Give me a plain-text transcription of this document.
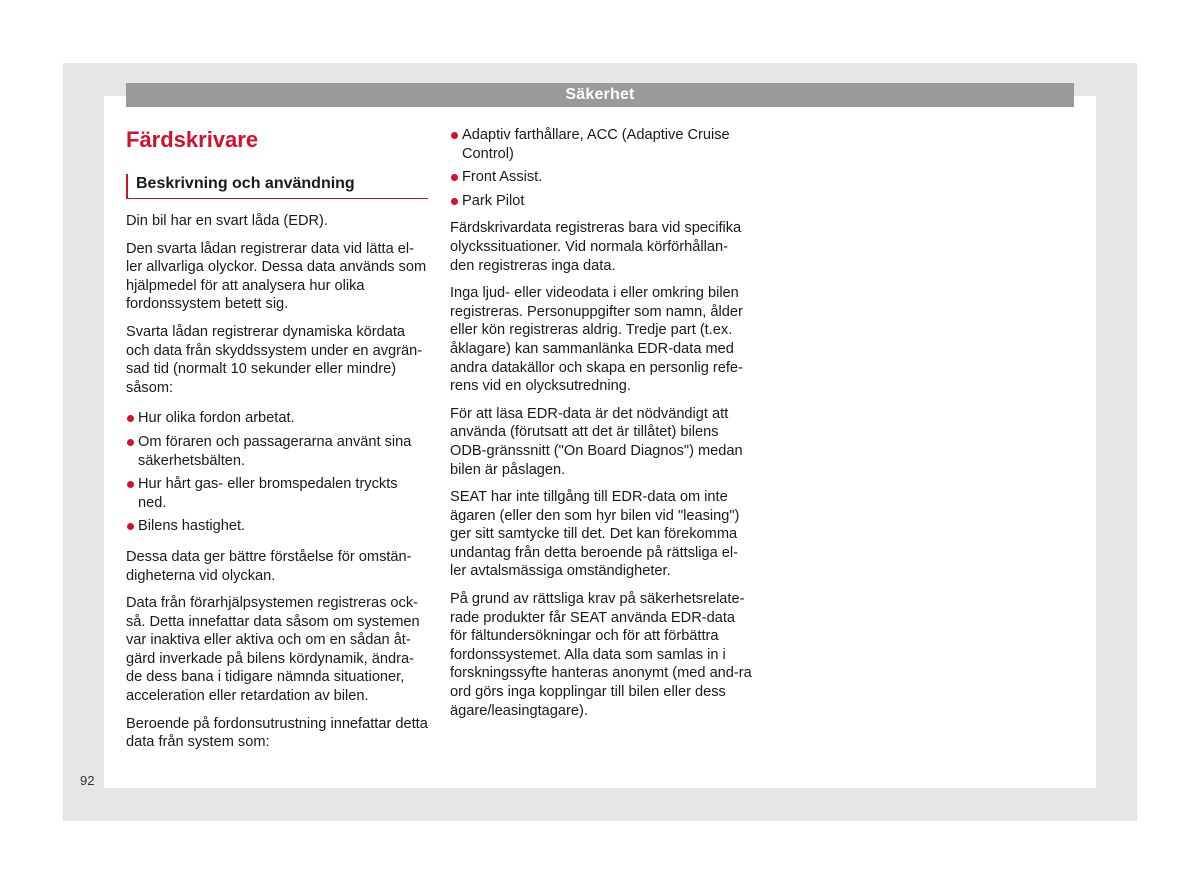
Säkerhet
Färdskrivare
Beskrivning och användning

Din bil har en svart låda (EDR).

Den svarta lådan registrerar data vid lätta el-ler allvarliga olyckor. Dessa data används som hjälpmedel för att analysera hur olika fordonssystem betett sig.

Svarta lådan registrerar dynamiska kördata och data från skyddssystem under en avgrän-sad tid (normalt 10 sekunder eller mindre) såsom:

Hur olika fordon arbetat.
Om föraren och passagerarna använt sina säkerhetsbälten.
Hur hårt gas- eller bromspedalen tryckts ned.
Bilens hastighet.

Dessa data ger bättre förståelse för omstän-digheterna vid olyckan.

Data från förarhjälpsystemen registreras ock-så. Detta innefattar data såsom om systemen var inaktiva eller aktiva och om en sådan åt-gärd inverkade på bilens kördynamik, ändra-de dess bana i tidigare nämnda situationer, acceleration eller retardation av bilen.

Beroende på fordonsutrustning innefattar detta data från system som:

Adaptiv farthållare, ACC (Adaptive Cruise Control)
Front Assist.
Park Pilot

Färdskrivardata registreras bara vid specifika olyckssituationer. Vid normala körförhållan-den registreras inga data.

Inga ljud- eller videodata i eller omkring bilen registreras. Personuppgifter som namn, ålder eller kön registreras aldrig. Tredje part (t.ex. åklagare) kan sammanlänka EDR-data med andra datakällor och skapa en personlig refe-rens vid en olycksutredning.

För att läsa EDR-data är det nödvändigt att använda (förutsatt att det är tillåtet) bilens ODB-gränssnitt ("On Board Diagnos") medan bilen är påslagen.

SEAT har inte tillgång till EDR-data om inte ägaren (eller den som hyr bilen vid "leasing") ger sitt samtycke till det. Det kan förekomma undantag från detta beroende på rättsliga el-ler avtalsmässiga omständigheter.

På grund av rättsliga krav på säkerhetsrelate-rade produkter får SEAT använda EDR-data för fältundersökningar och för att förbättra fordonssystemet. Alla data som samlas in i forskningssyfte hanteras anonymt (med and-ra ord görs inga kopplingar till bilen eller dess ägare/leasingtagare).

92
